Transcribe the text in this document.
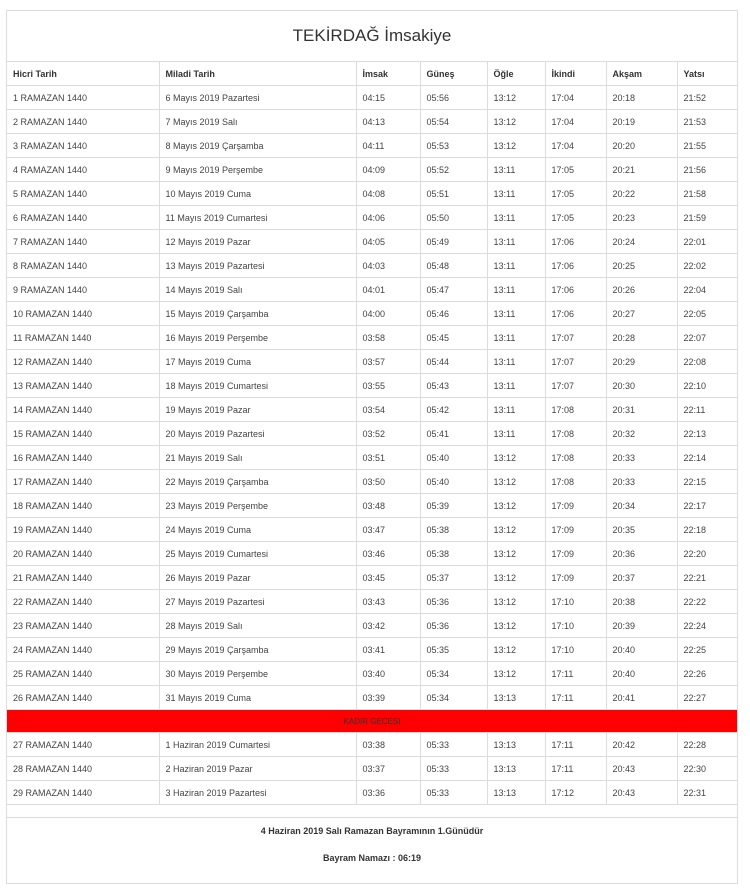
TEKİRDAĞ İmsakiye
Hicri Tarih	Miladi Tarih	İmsak	Güneş	Öğle	İkindi	Akşam	Yatsı
1 RAMAZAN 1440	6 Mayıs 2019 Pazartesi	04:15	05:56	13:12	17:04	20:18	21:52
2 RAMAZAN 1440	7 Mayıs 2019 Salı	04:13	05:54	13:12	17:04	20:19	21:53
3 RAMAZAN 1440	8 Mayıs 2019 Çarşamba	04:11	05:53	13:12	17:04	20:20	21:55
4 RAMAZAN 1440	9 Mayıs 2019 Perşembe	04:09	05:52	13:11	17:05	20:21	21:56
5 RAMAZAN 1440	10 Mayıs 2019 Cuma	04:08	05:51	13:11	17:05	20:22	21:58
6 RAMAZAN 1440	11 Mayıs 2019 Cumartesi	04:06	05:50	13:11	17:05	20:23	21:59
7 RAMAZAN 1440	12 Mayıs 2019 Pazar	04:05	05:49	13:11	17:06	20:24	22:01
8 RAMAZAN 1440	13 Mayıs 2019 Pazartesi	04:03	05:48	13:11	17:06	20:25	22:02
9 RAMAZAN 1440	14 Mayıs 2019 Salı	04:01	05:47	13:11	17:06	20:26	22:04
10 RAMAZAN 1440	15 Mayıs 2019 Çarşamba	04:00	05:46	13:11	17:06	20:27	22:05
11 RAMAZAN 1440	16 Mayıs 2019 Perşembe	03:58	05:45	13:11	17:07	20:28	22:07
12 RAMAZAN 1440	17 Mayıs 2019 Cuma	03:57	05:44	13:11	17:07	20:29	22:08
13 RAMAZAN 1440	18 Mayıs 2019 Cumartesi	03:55	05:43	13:11	17:07	20:30	22:10
14 RAMAZAN 1440	19 Mayıs 2019 Pazar	03:54	05:42	13:11	17:08	20:31	22:11
15 RAMAZAN 1440	20 Mayıs 2019 Pazartesi	03:52	05:41	13:11	17:08	20:32	22:13
16 RAMAZAN 1440	21 Mayıs 2019 Salı	03:51	05:40	13:12	17:08	20:33	22:14
17 RAMAZAN 1440	22 Mayıs 2019 Çarşamba	03:50	05:40	13:12	17:08	20:33	22:15
18 RAMAZAN 1440	23 Mayıs 2019 Perşembe	03:48	05:39	13:12	17:09	20:34	22:17
19 RAMAZAN 1440	24 Mayıs 2019 Cuma	03:47	05:38	13:12	17:09	20:35	22:18
20 RAMAZAN 1440	25 Mayıs 2019 Cumartesi	03:46	05:38	13:12	17:09	20:36	22:20
21 RAMAZAN 1440	26 Mayıs 2019 Pazar	03:45	05:37	13:12	17:09	20:37	22:21
22 RAMAZAN 1440	27 Mayıs 2019 Pazartesi	03:43	05:36	13:12	17:10	20:38	22:22
23 RAMAZAN 1440	28 Mayıs 2019 Salı	03:42	05:36	13:12	17:10	20:39	22:24
24 RAMAZAN 1440	29 Mayıs 2019 Çarşamba	03:41	05:35	13:12	17:10	20:40	22:25
25 RAMAZAN 1440	30 Mayıs 2019 Perşembe	03:40	05:34	13:12	17:11	20:40	22:26
26 RAMAZAN 1440	31 Mayıs 2019 Cuma	03:39	05:34	13:13	17:11	20:41	22:27
KADIR GECESI							
27 RAMAZAN 1440	1 Haziran 2019 Cumartesi	03:38	05:33	13:13	17:11	20:42	22:28
28 RAMAZAN 1440	2 Haziran 2019 Pazar	03:37	05:33	13:13	17:11	20:43	22:30
29 RAMAZAN 1440	3 Haziran 2019 Pazartesi	03:36	05:33	13:13	17:12	20:43	22:31
4 Haziran 2019 Salı Ramazan Bayramının 1.Günüdür
Bayram Namazı : 06:19
